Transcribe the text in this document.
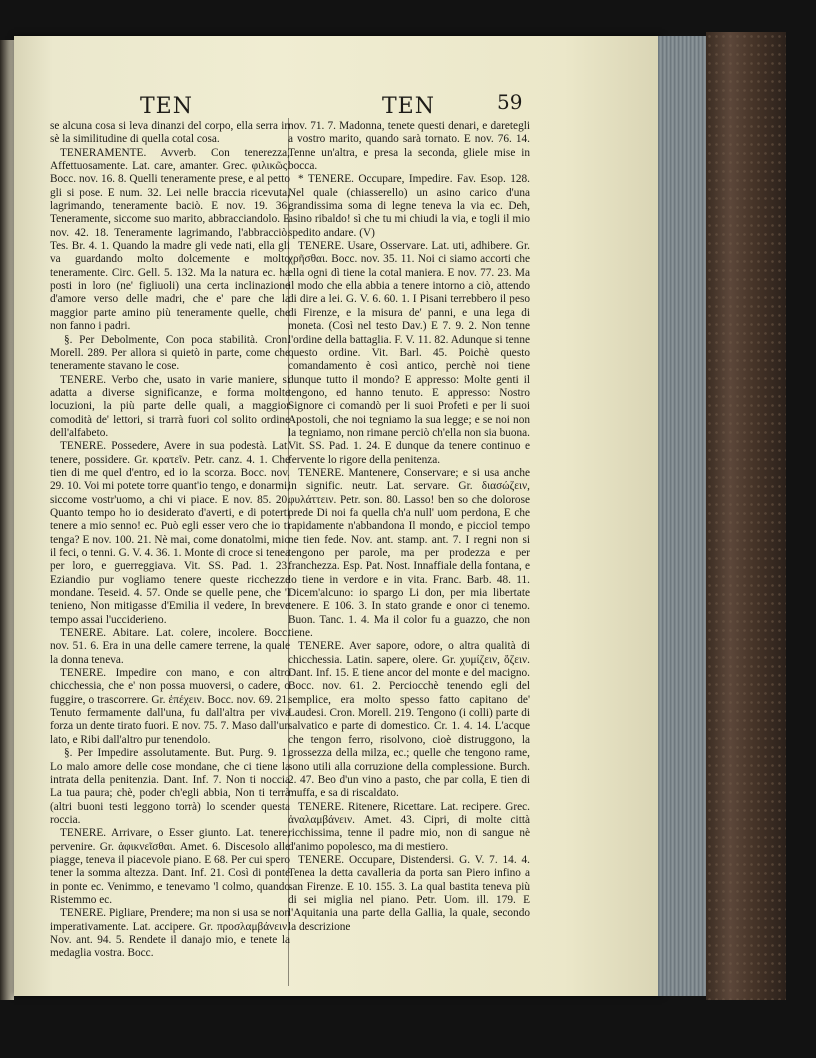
TEN	TEN	59

se alcuna cosa si leva dinanzi del corpo, ella serra in sè la similitudine di quella cotal cosa.

TENERAMENTE. Avverb. Con tenerezza, Affettuosamente. Lat. care, amanter. Grec. φιλικῶς. Bocc. nov. 16. 8. Quelli teneramente prese, e al petto gli si pose. E num. 32. Lei nelle braccia ricevuta, lagrimando, teneramente baciò. E nov. 19. 36. Teneramente, siccome suo marito, abbracciandolo. E nov. 42. 18. Teneramente lagrimando, l'abbracciò. Tes. Br. 4. 1. Quando la madre gli vede nati, ella gli va guardando molto dolcemente e molto teneramente. Circ. Gell. 5. 132. Ma la natura ec. ha posti in loro (ne' figliuoli) una certa inclinazione d'amore verso delle madri, che e' pare che la maggior parte amino più teneramente quelle, che non fanno i padri.

§. Per Debolmente, Con poca stabilità. Cron. Morell. 289. Per allora si quietò in parte, come che teneramente stavano le cose.

TENERE. Verbo che, usato in varie maniere, si adatta a diverse significanze, e forma molte locuzioni, la più parte delle quali, a maggior comodità de' lettori, si trarrà fuori col solito ordine dell'alfabeto.

TENERE. Possedere, Avere in sua podestà. Lat. tenere, possidere. Gr. κρατεῖν. Petr. canz. 4. 1. Che tien di me quel d'entro, ed io la scorza. Bocc. nov. 29. 10. Voi mi potete torre quant'io tengo, e donarmi, siccome vostr'uomo, a chi vi piace. E nov. 85. 20. Quanto tempo ho io desiderato d'averti, e di poterti tenere a mio senno! ec. Può egli esser vero che io ti tenga? E nov. 100. 21. Nè mai, come donatolmi, mio il feci, o tenni. G. V. 4. 36. 1. Monte di croce si tenea per loro, e guerreggiava. Vit. SS. Pad. 1. 23. Eziandio pur vogliamo tenere queste ricchezze mondane. Teseid. 4. 57. Onde se quelle pene, che 'l tenieno, Non mitigasse d'Emilia il vedere, In breve tempo assai l'ucciderieno.

TENERE. Abitare. Lat. colere, incolere. Bocc. nov. 51. 6. Era in una delle camere terrene, la quale la donna teneva.

TENERE. Impedire con mano, e con altro chicchessia, che e' non possa muoversi, o cadere, o fuggire, o trascorrere. Gr. ἐπέχειν. Bocc. nov. 69. 21. Tenuto fermamente dall'una, fu dall'altra per viva forza un dente tirato fuori. E nov. 75. 7. Maso dall'un lato, e Ribi dall'altro pur tenendolo.

§. Per Impedire assolutamente. But. Purg. 9. 1. Lo malo amore delle cose mondane, che ci tiene la intrata della penitenzia. Dant. Inf. 7. Non ti noccia La tua paura; chè, poder ch'egli abbia, Non ti terrà (altri buoni testi leggono torrà) lo scender questa roccia.

TENERE. Arrivare, o Esser giunto. Lat. tenere, pervenire. Gr. ἀφικνεῖσθαι. Amet. 6. Discesolo alle piagge, teneva il piacevole piano. E 68. Per cui spero tener la somma altezza. Dant. Inf. 21. Così di ponte in ponte ec. Venimmo, e tenevamo 'l colmo, quando Ristemmo ec.

TENERE. Pigliare, Prendere; ma non si usa se non imperativamente. Lat. accipere. Gr. προσλαμβάνειν. Nov. ant. 94. 5. Rendete il danajo mio, e tenete la medaglia vostra. Bocc.

nov. 71. 7. Madonna, tenete questi denari, e daretegli a vostro marito, quando sarà tornato. E nov. 76. 14. Tenne un'altra, e presa la seconda, gliele mise in bocca.

* TENERE. Occupare, Impedire. Fav. Esop. 128. Nel quale (chiasserello) un asino carico d'una grandissima soma di legne teneva la via ec. Deh, asino ribaldo! sì che tu mi chiudi la via, e togli il mio spedito andare. (V)

TENERE. Usare, Osservare. Lat. uti, adhibere. Gr. χρῆσθαι. Bocc. nov. 35. 11. Noi ci siamo accorti che ella ogni dì tiene la cotal maniera. E nov. 77. 23. Ma il modo che ella abbia a tenere intorno a ciò, attendo di dire a lei. G. V. 6. 60. 1. I Pisani terrebbero il peso di Firenze, e la misura de' panni, e una lega di moneta. (Così nel testo Dav.) E 7. 9. 2. Non tenne l'ordine della battaglia. F. V. 11. 82. Adunque si tenne questo ordine. Vit. Barl. 45. Poichè questo comandamento è così antico, perchè noi tiene dunque tutto il mondo? E appresso: Molte genti il tengono, ed hanno tenuto. E appresso: Nostro Signore ci comandò per li suoi Profeti e per li suoi Apostoli, che noi tegniamo la sua legge; e se noi non la tegniamo, non rimane perciò ch'ella non sia buona. Vit. SS. Pad. 1. 24. E dunque da tenere continuo e fervente lo rigore della penitenza.

TENERE. Mantenere, Conservare; e si usa anche in signific. neutr. Lat. servare. Gr. διασώζειν, φυλάττειν. Petr. son. 80. Lasso! ben so che dolorose prede Di noi fa quella ch'a null' uom perdona, E che rapidamente n'abbandona Il mondo, e picciol tempo ne tien fede. Nov. ant. stamp. ant. 7. I regni non si tengono per parole, ma per prodezza e per franchezza. Esp. Pat. Nost. Innaffiale della fontana, e lo tiene in verdore e in vita. Franc. Barb. 48. 11. Dicem'alcuno: io spargo Li don, per mia libertate tenere. E 106. 3. In stato grande e onor ci tenemo. Buon. Tanc. 1. 4. Ma il color fu a guazzo, che non tiene.

TENERE. Aver sapore, odore, o altra qualità di chicchessia. Latin. sapere, olere. Gr. χυμίζειν, ὄζειν. Dant. Inf. 15. E tiene ancor del monte e del macigno. Bocc. nov. 61. 2. Perciocchè tenendo egli del semplice, era molto spesso fatto capitano de' Laudesi. Cron. Morell. 219. Tengono (i colli) parte di salvatico e parte di domestico. Cr. 1. 4. 14. L'acque che tengon ferro, risolvono, cioè distruggono, la grossezza della milza, ec.; quelle che tengono rame, sono utili alla corruzione della complessione. Burch. 2. 47. Beo d'un vino a pasto, che par colla, E tien di muffa, e sa di riscaldato.

TENERE. Ritenere, Ricettare. Lat. recipere. Grec. ἀναλαμβάνειν. Amet. 43. Cipri, di molte città ricchissima, tenne il padre mio, non di sangue nè d'animo popolesco, ma di mestiero.

TENERE. Occupare, Distendersi. G. V. 7. 14. 4. Tenea la detta cavalleria da porta san Piero infino a san Firenze. E 10. 155. 3. La qual bastita teneva più di sei miglia nel piano. Petr. Uom. ill. 179. E l'Aquitania una parte della Gallia, la quale, secondo la descrizione
